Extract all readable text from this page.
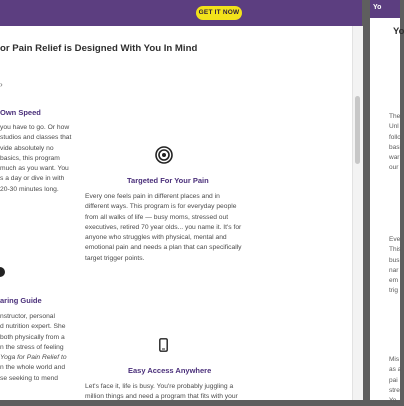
GET IT NOW
or Pain Relief is Designed With You In Mind
›
Own Speed

you have to go. Or how

studios and classes that

vide absolutely no

basics, this program

much as you want. You

s a day or dive in with

20-30 minutes long.

Targeted For Your Pain

Every one feels pain in different places and in

different ways. This program is for everyday people

from all walks of life — busy moms, stressed out

executives, retired 70 year olds... you name it. It's for

anyone who struggles with physical, mental and

emotional pain and needs a plan that can specifically

target trigger points.

aring Guide

nstructor, personal

d nutrition expert. She

both physically from a

n the stress of feeling

Yoga for Pain Relief to

n the whole world and

se seeking to mend

Easy Access Anywhere

Let's face it, life is busy. You're probably juggling a

million things and need a program that fits with your

Yo
Yo

The

Unl

follo

basi

war

our

Eve

This

bus

nar

em

trig

Mis

as a

pai

stre

Yo
